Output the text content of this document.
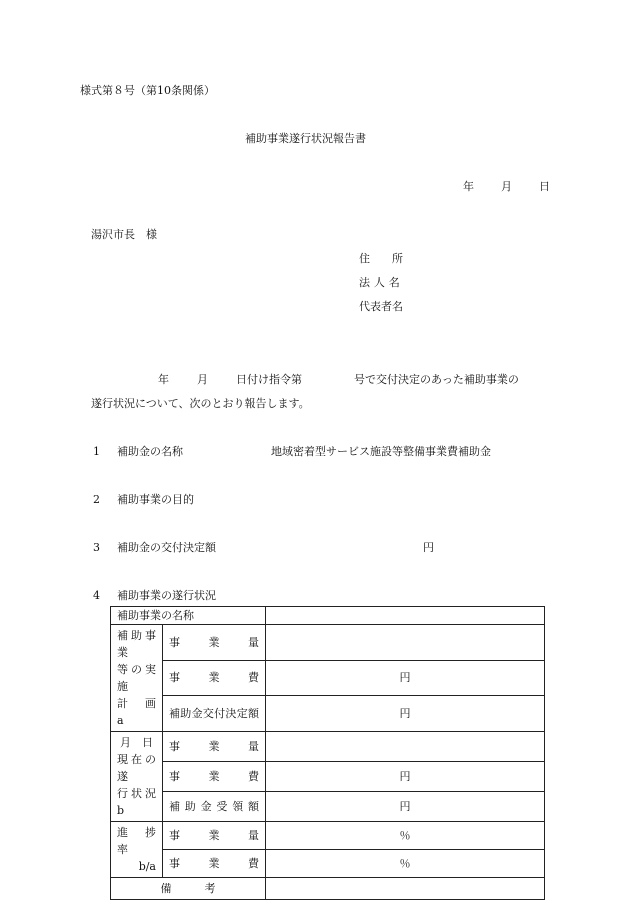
様式第８号（第10条関係）
補助事業遂行状況報告書
年 月 日
湯沢市長　様
住　　所
法人名
代表者名
年	月	日付け指令第	号で交付決定のあった補助事業の
遂行状況について、次のとおり報告します。
1 補助金の名称	地域密着型サービス施設等整備事業費補助金
2 補助事業の目的
3 補助金の交付決定額	円
4 補助事業の遂行状況
補助事業の名称		

補助事業
等の実施
計画　　a	事業量	
	事業費	円
	補助金交付決定額	円

月　日
現在の遂
行状況 b	事業量	
	事業費	円
	補助金受領額	円

進 捗 率
b/a	事業量	％
	事業費	％
備　　　考		
